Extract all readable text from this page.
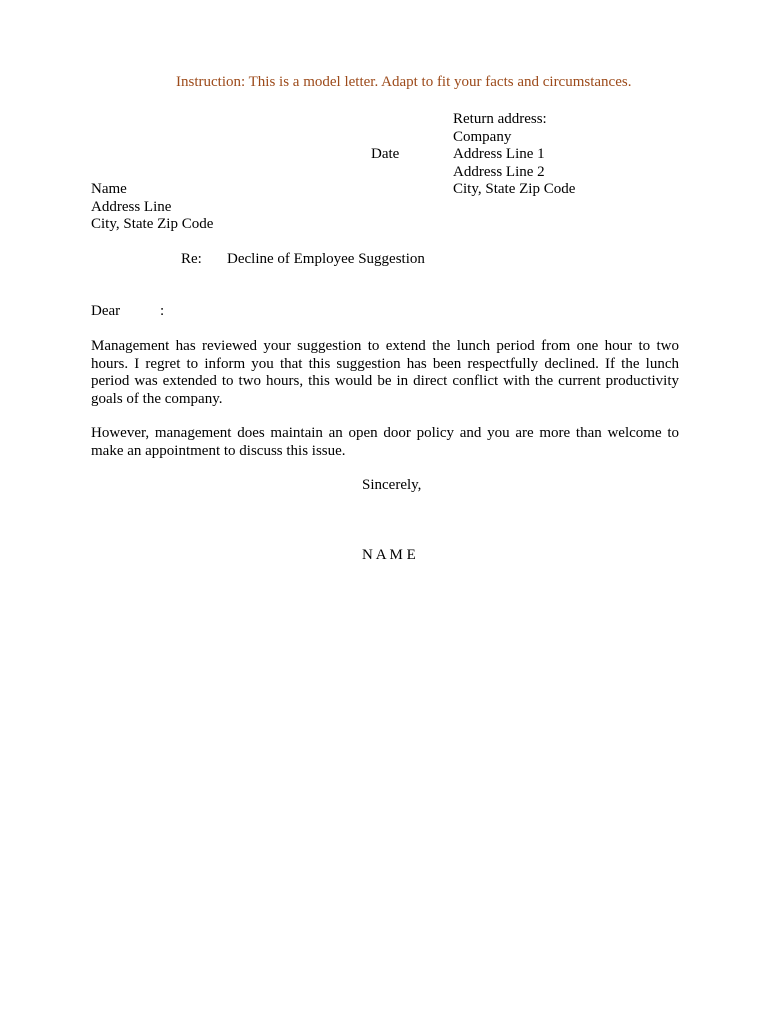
Instruction: This is a model letter. Adapt to fit your facts and circumstances.
Return address:
Company
Address Line 1
Address Line 2
City, State Zip Code
Date
Name
Address Line
City, State Zip Code
Re: Decline of Employee Suggestion
Dear	:
Management has reviewed your suggestion to extend the lunch period from one hour to two hours. I regret to inform you that this suggestion has been respectfully declined. If the lunch period was extended to two hours, this would be in direct conflict with the current productivity goals of the company.
However, management does maintain an open door policy and you are more than welcome to make an appointment to discuss this issue.
Sincerely,
N A M E
